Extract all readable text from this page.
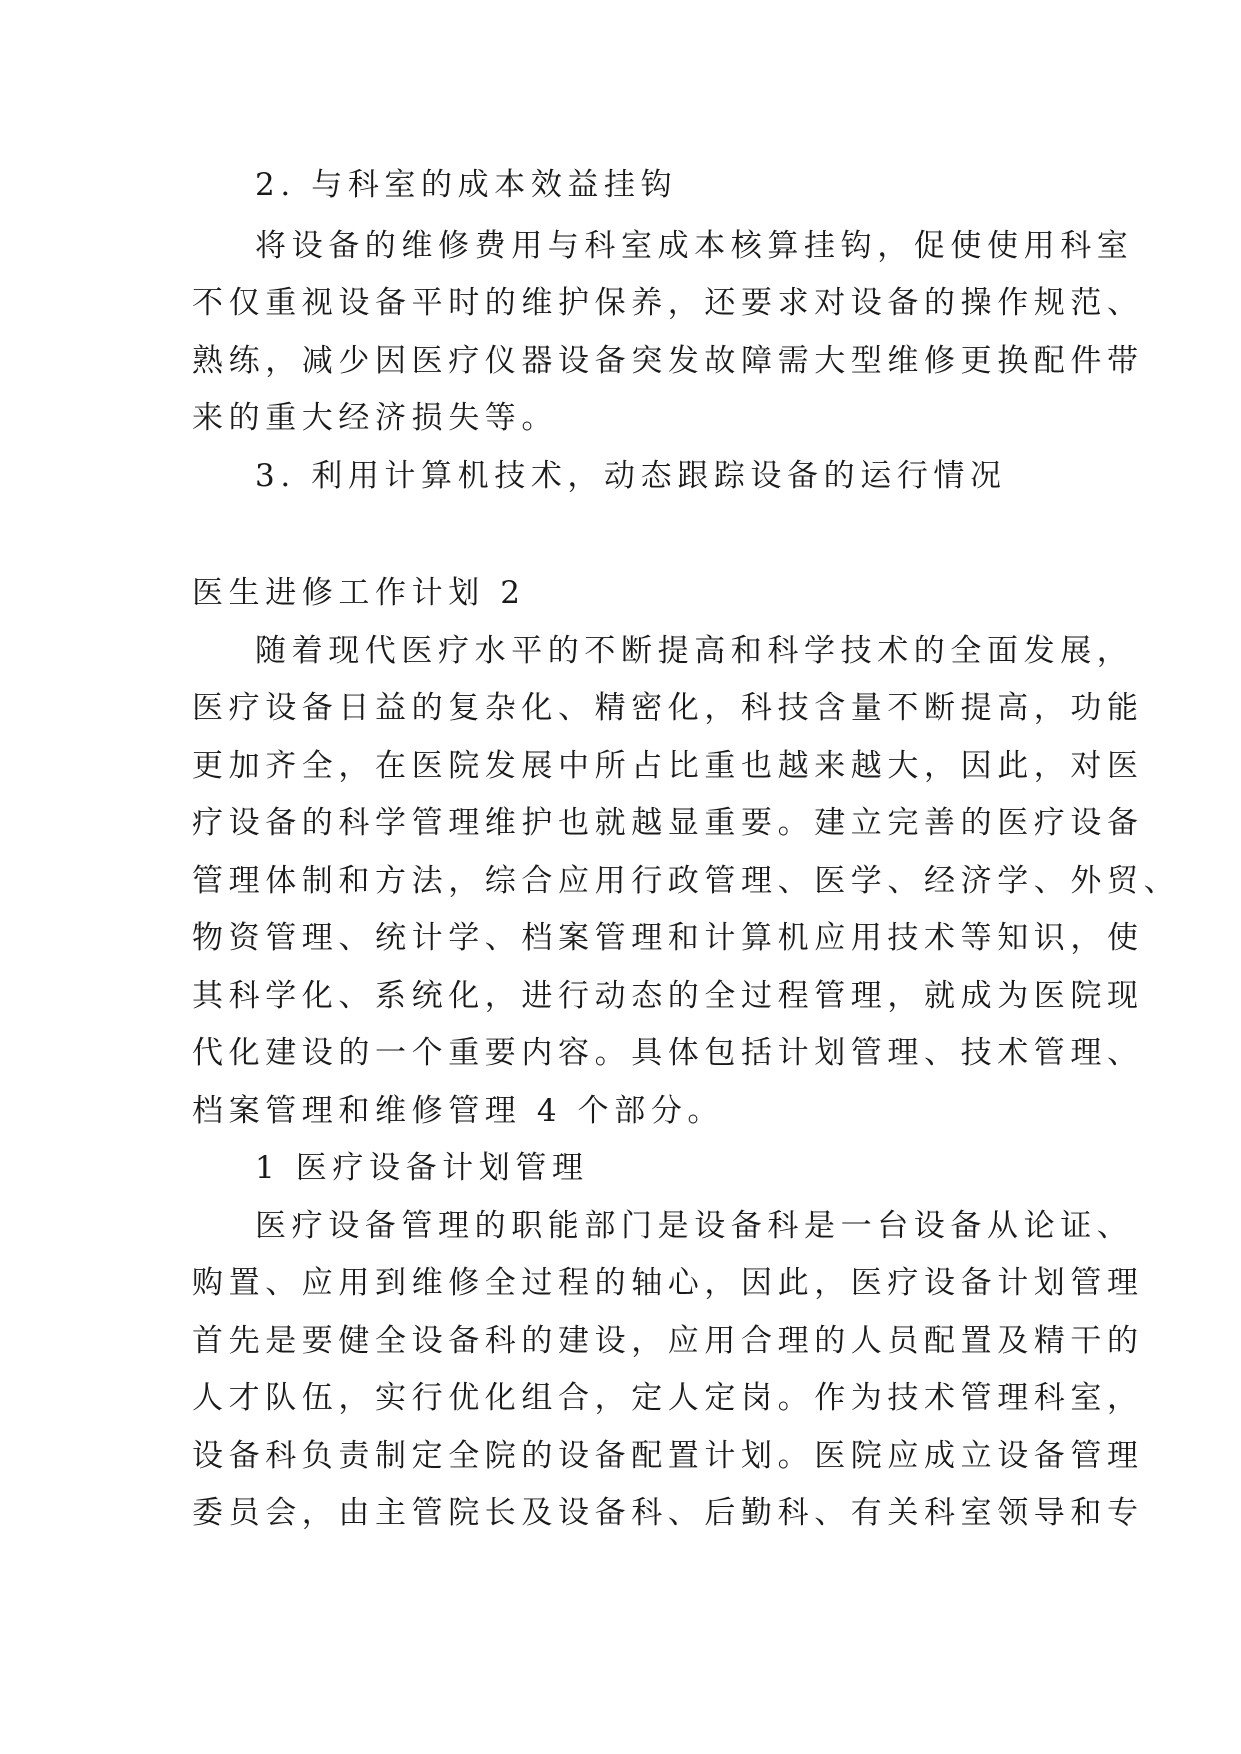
2. 与科室的成本效益挂钩

将设备的维修费用与科室成本核算挂钩，促使使用科室

不仅重视设备平时的维护保养，还要求对设备的操作规范、

熟练，减少因医疗仪器设备突发故障需大型维修更换配件带

来的重大经济损失等。

3. 利用计算机技术，动态跟踪设备的运行情况

医生进修工作计划 2

随着现代医疗水平的不断提高和科学技术的全面发展，

医疗设备日益的复杂化、精密化，科技含量不断提高，功能

更加齐全，在医院发展中所占比重也越来越大，因此，对医

疗设备的科学管理维护也就越显重要。建立完善的医疗设备

管理体制和方法，综合应用行政管理、医学、经济学、外贸、

物资管理、统计学、档案管理和计算机应用技术等知识，使

其科学化、系统化，进行动态的全过程管理，就成为医院现

代化建设的一个重要内容。具体包括计划管理、技术管理、

档案管理和维修管理 4 个部分。

1 医疗设备计划管理

医疗设备管理的职能部门是设备科是一台设备从论证、

购置、应用到维修全过程的轴心，因此，医疗设备计划管理

首先是要健全设备科的建设，应用合理的人员配置及精干的

人才队伍，实行优化组合，定人定岗。作为技术管理科室，

设备科负责制定全院的设备配置计划。医院应成立设备管理

委员会，由主管院长及设备科、后勤科、有关科室领导和专
